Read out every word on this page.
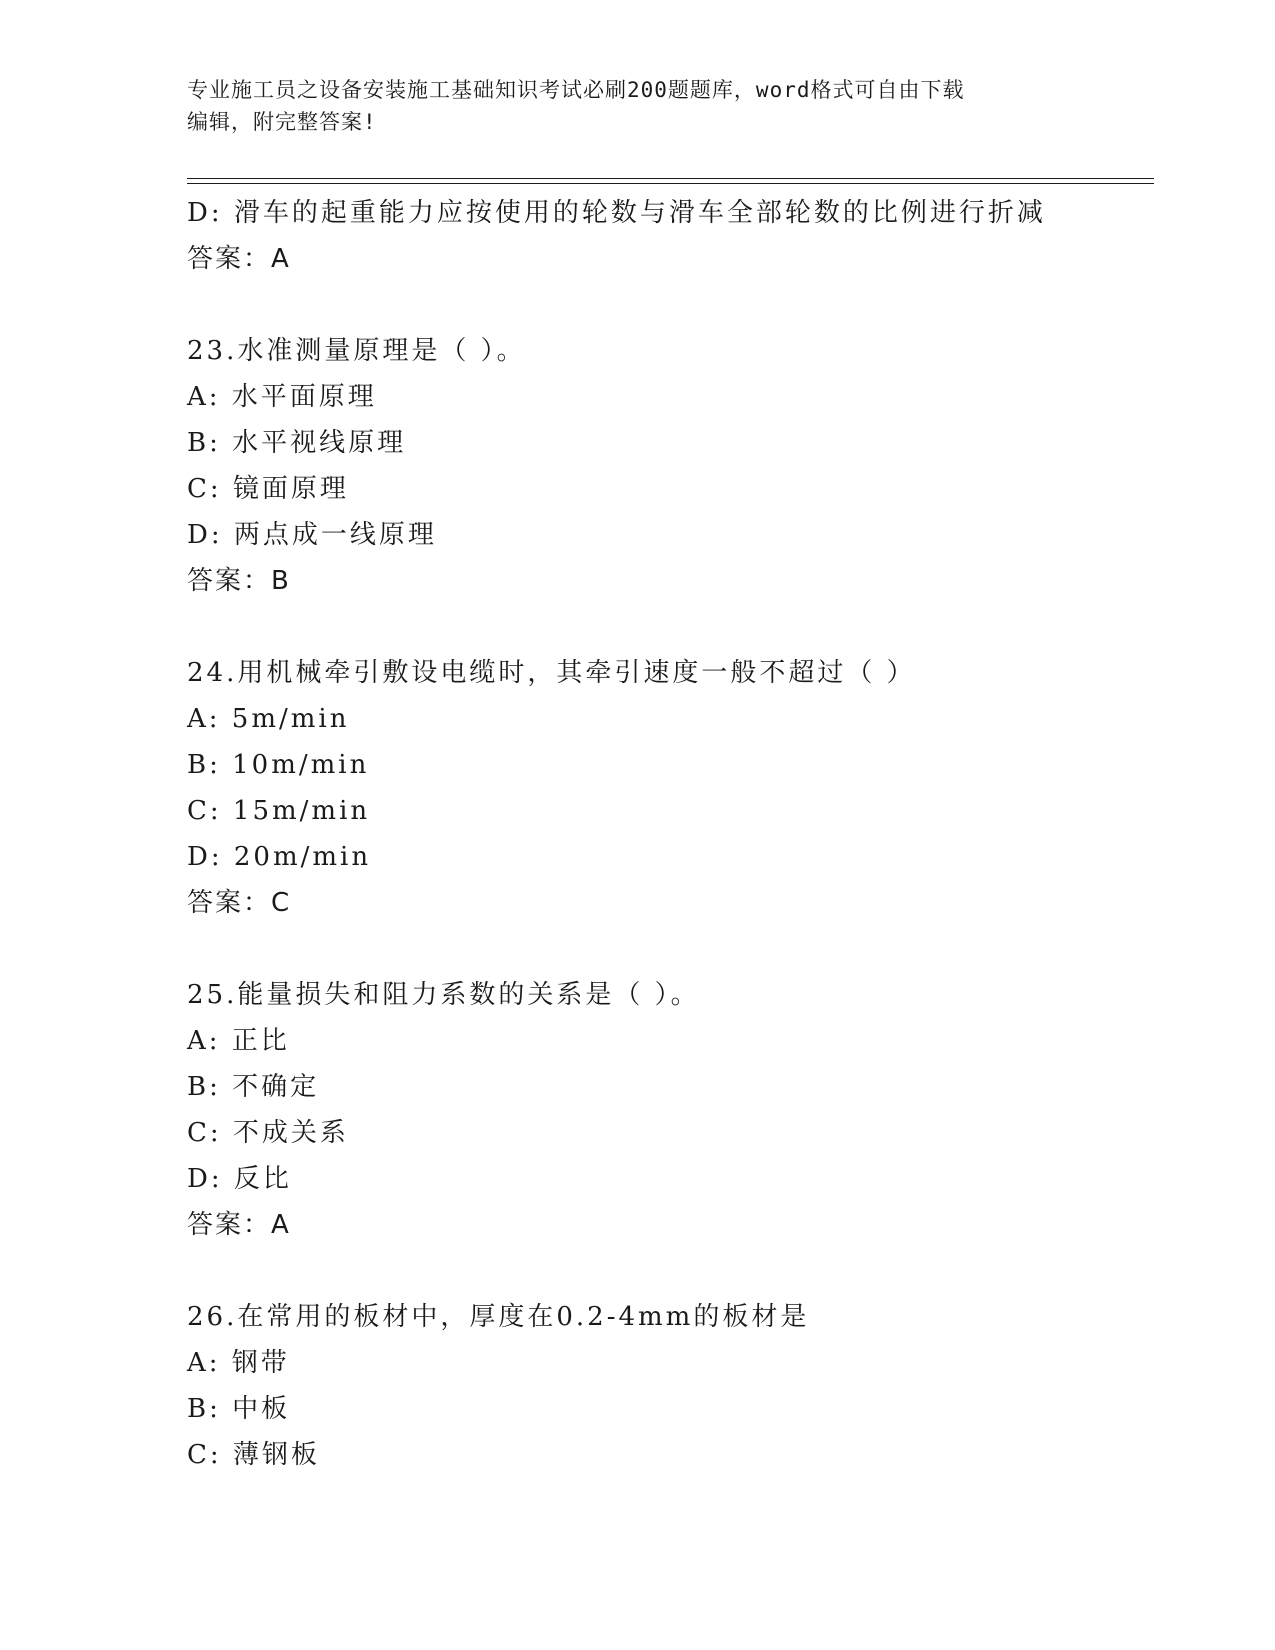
专业施工员之设备安装施工基础知识考试必刷200题题库，word格式可自由下载
编辑，附完整答案!
D: 滑车的起重能力应按使用的轮数与滑车全部轮数的比例进行折减
答案：A
23.水准测量原理是（ ）。
A: 水平面原理
B: 水平视线原理
C: 镜面原理
D: 两点成一线原理
答案：B
24.用机械牵引敷设电缆时，其牵引速度一般不超过（ ）
A: 5m/min
B: 10m/min
C: 15m/min
D: 20m/min
答案：C
25.能量损失和阻力系数的关系是（ ）。
A: 正比
B: 不确定
C: 不成关系
D: 反比
答案：A
26.在常用的板材中，厚度在0.2-4mm的板材是
A: 钢带
B: 中板
C: 薄钢板
